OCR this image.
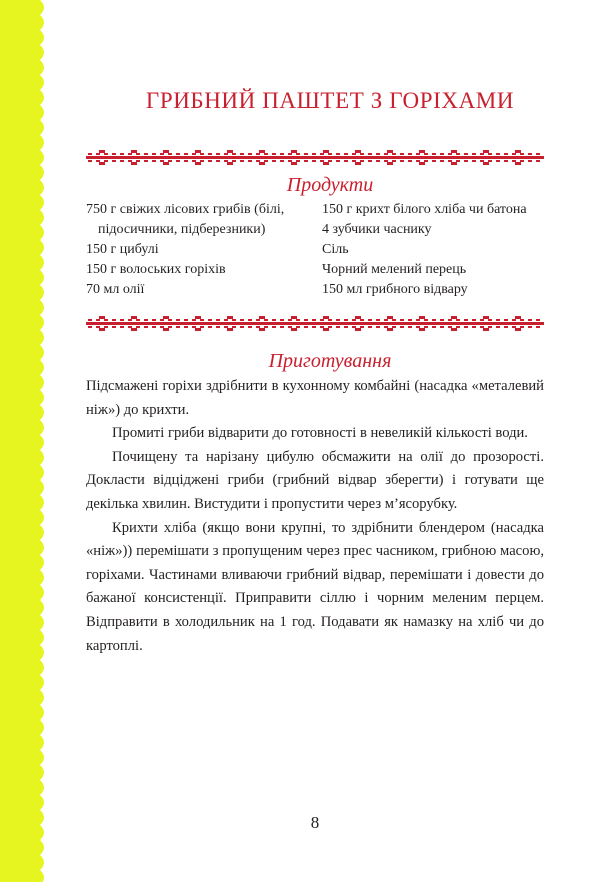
ГРИБНИЙ ПАШТЕТ З ГОРІХАМИ
Продукти
750 г свіжих лісових грибів (білі, підосичники, підберезники)
150 г цибулі
150 г волоських горіхів
70 мл олії
150 г крихт білого хліба чи батона
4 зубчики часнику
Сіль
Чорний мелений перець
150 мл грибного відвару
Приготування

Підсмажені горіхи здрібнити в кухонному комбайні (насадка «металевий ніж») до крихти.

Промиті гриби відварити до готовності в невеликій кількості води.

Почищену та нарізану цибулю обсмажити на олії до прозорості. Докласти відціджені гриби (грибний відвар зберегти) і готувати ще декілька хвилин. Вистудити і пропустити через м’ясорубку.

Крихти хліба (якщо вони крупні, то здрібнити блендером (насадка «ніж»)) перемішати з пропущеним через прес часником, грибною масою, горіхами. Частинами вливаючи грибний відвар, перемішати і довести до бажаної консистенції. Приправити сіллю і чорним меленим перцем. Відправити в холодильник на 1 год. Подавати як намазку на хліб чи до картоплі.

8
